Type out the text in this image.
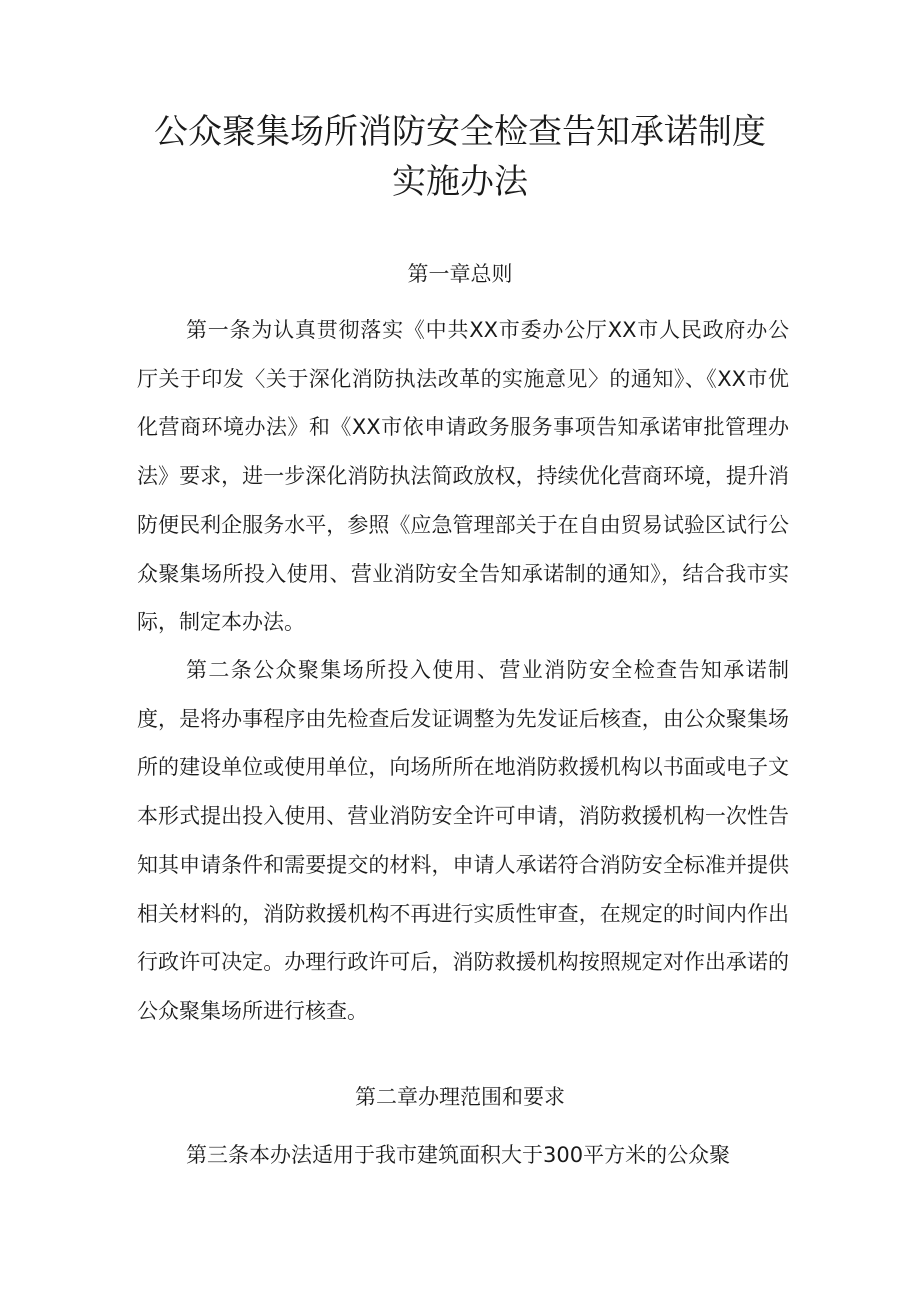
公众聚集场所消防安全检查告知承诺制度
实施办法
第一章总则

第一条为认真贯彻落实《中共XX市委办公厅XX市人民政府办公厅关于印发〈关于深化消防执法改革的实施意见〉的通知》、《XX市优化营商环境办法》和《XX市依申请政务服务事项告知承诺审批管理办法》要求，进一步深化消防执法简政放权，持续优化营商环境，提升消防便民利企服务水平，参照《应急管理部关于在自由贸易试验区试行公众聚集场所投入使用、营业消防安全告知承诺制的通知》，结合我市实际，制定本办法。

第二条公众聚集场所投入使用、营业消防安全检查告知承诺制度，是将办事程序由先检查后发证调整为先发证后核查，由公众聚集场所的建设单位或使用单位，向场所所在地消防救援机构以书面或电子文本形式提出投入使用、营业消防安全许可申请，消防救援机构一次性告知其申请条件和需要提交的材料，申请人承诺符合消防安全标准并提供相关材料的，消防救援机构不再进行实质性审查，在规定的时间内作出行政许可决定。办理行政许可后，消防救援机构按照规定对作出承诺的公众聚集场所进行核查。

第二章办理范围和要求

第三条本办法适用于我市建筑面积大于300平方米的公众聚
